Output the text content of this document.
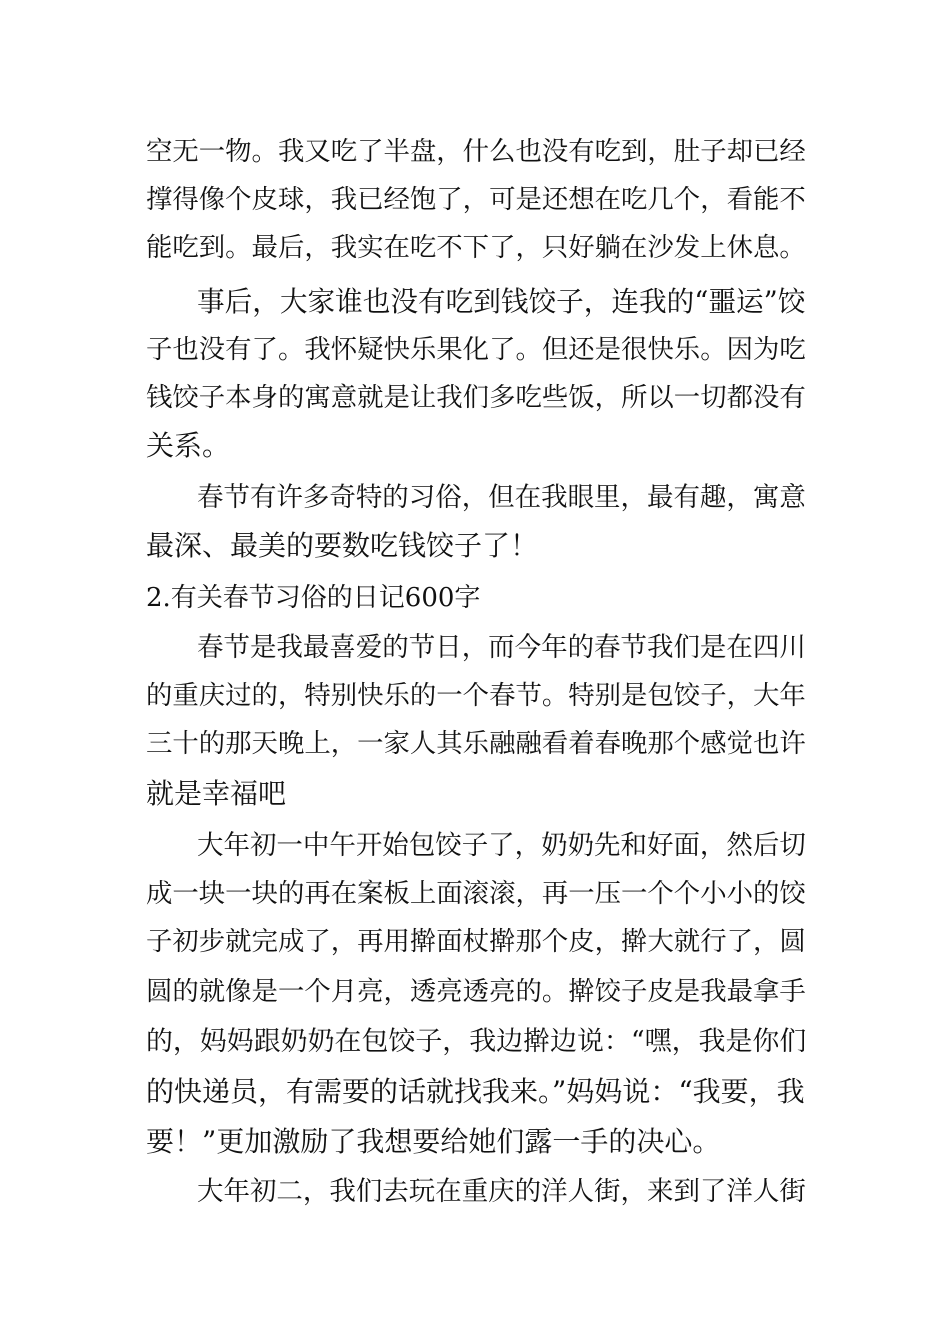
空无一物。我又吃了半盘，什么也没有吃到，肚子却已经
撑得像个皮球，我已经饱了，可是还想在吃几个，看能不
能吃到。最后，我实在吃不下了，只好躺在沙发上休息。
事后，大家谁也没有吃到钱饺子，连我的“噩运”饺
子也没有了。我怀疑快乐果化了。但还是很快乐。因为吃
钱饺子本身的寓意就是让我们多吃些饭，所以一切都没有
关系。
春节有许多奇特的习俗，但在我眼里，最有趣，寓意
最深、最美的要数吃钱饺子了！
2.有关春节习俗的日记600字
春节是我最喜爱的节日，而今年的春节我们是在四川
的重庆过的，特别快乐的一个春节。特别是包饺子，大年
三十的那天晚上，一家人其乐融融看着春晚那个感觉也许
就是幸福吧
大年初一中午开始包饺子了，奶奶先和好面，然后切
成一块一块的再在案板上面滚滚，再一压一个个小小的饺
子初步就完成了，再用擀面杖擀那个皮，擀大就行了，圆
圆的就像是一个月亮，透亮透亮的。擀饺子皮是我最拿手
的，妈妈跟奶奶在包饺子，我边擀边说：“嘿，我是你们
的快递员，有需要的话就找我来。”妈妈说：“我要，我
要！”更加激励了我想要给她们露一手的决心。
大年初二，我们去玩在重庆的洋人街，来到了洋人街
